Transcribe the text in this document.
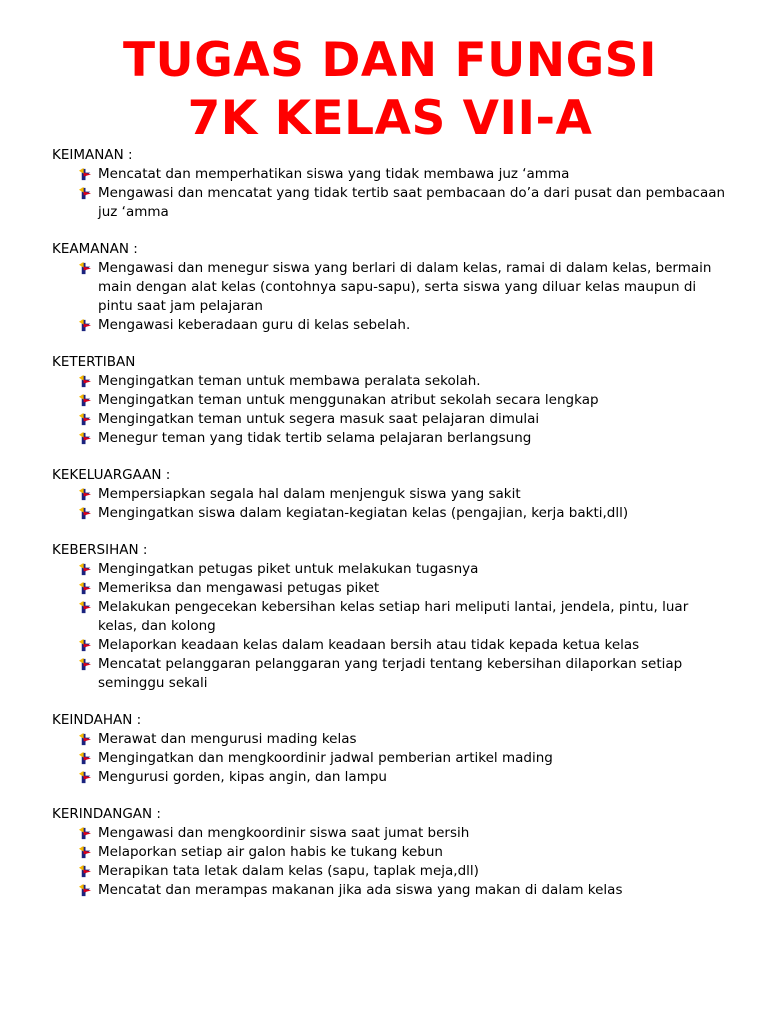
TUGAS DAN FUNGSI
7K KELAS VII-A
KEIMANAN :
Mencatat dan memperhatikan siswa yang tidak membawa juz ‘amma
Mengawasi dan mencatat yang tidak tertib saat pembacaan do’a dari pusat dan pembacaan juz ‘amma
KEAMANAN :
Mengawasi dan menegur siswa yang berlari di dalam kelas, ramai di dalam kelas, bermain main dengan alat kelas (contohnya sapu-sapu), serta siswa yang diluar kelas maupun di pintu saat jam pelajaran
Mengawasi keberadaan guru di kelas sebelah.
KETERTIBAN
Mengingatkan teman untuk membawa peralata sekolah.
Mengingatkan teman untuk menggunakan atribut sekolah secara lengkap
Mengingatkan teman untuk segera masuk saat pelajaran dimulai
Menegur teman yang tidak tertib selama pelajaran berlangsung
KEKELUARGAAN :
Mempersiapkan segala hal dalam menjenguk siswa yang sakit
Mengingatkan siswa dalam kegiatan-kegiatan kelas (pengajian, kerja bakti,dll)
KEBERSIHAN :
Mengingatkan petugas piket untuk melakukan tugasnya
Memeriksa dan mengawasi petugas piket
Melakukan pengecekan kebersihan kelas setiap hari meliputi lantai, jendela, pintu, luar kelas, dan kolong
Melaporkan keadaan kelas dalam keadaan bersih atau tidak kepada ketua kelas
Mencatat pelanggaran pelanggaran yang terjadi tentang kebersihan dilaporkan setiap seminggu sekali
KEINDAHAN :
Merawat dan mengurusi mading kelas
Mengingatkan dan mengkoordinir jadwal pemberian artikel mading
Mengurusi gorden, kipas angin, dan lampu
KERINDANGAN :
Mengawasi dan mengkoordinir siswa saat jumat bersih
Melaporkan setiap air galon habis ke tukang kebun
Merapikan tata letak dalam kelas (sapu, taplak meja,dll)
Mencatat dan merampas makanan jika ada siswa yang makan di dalam kelas
